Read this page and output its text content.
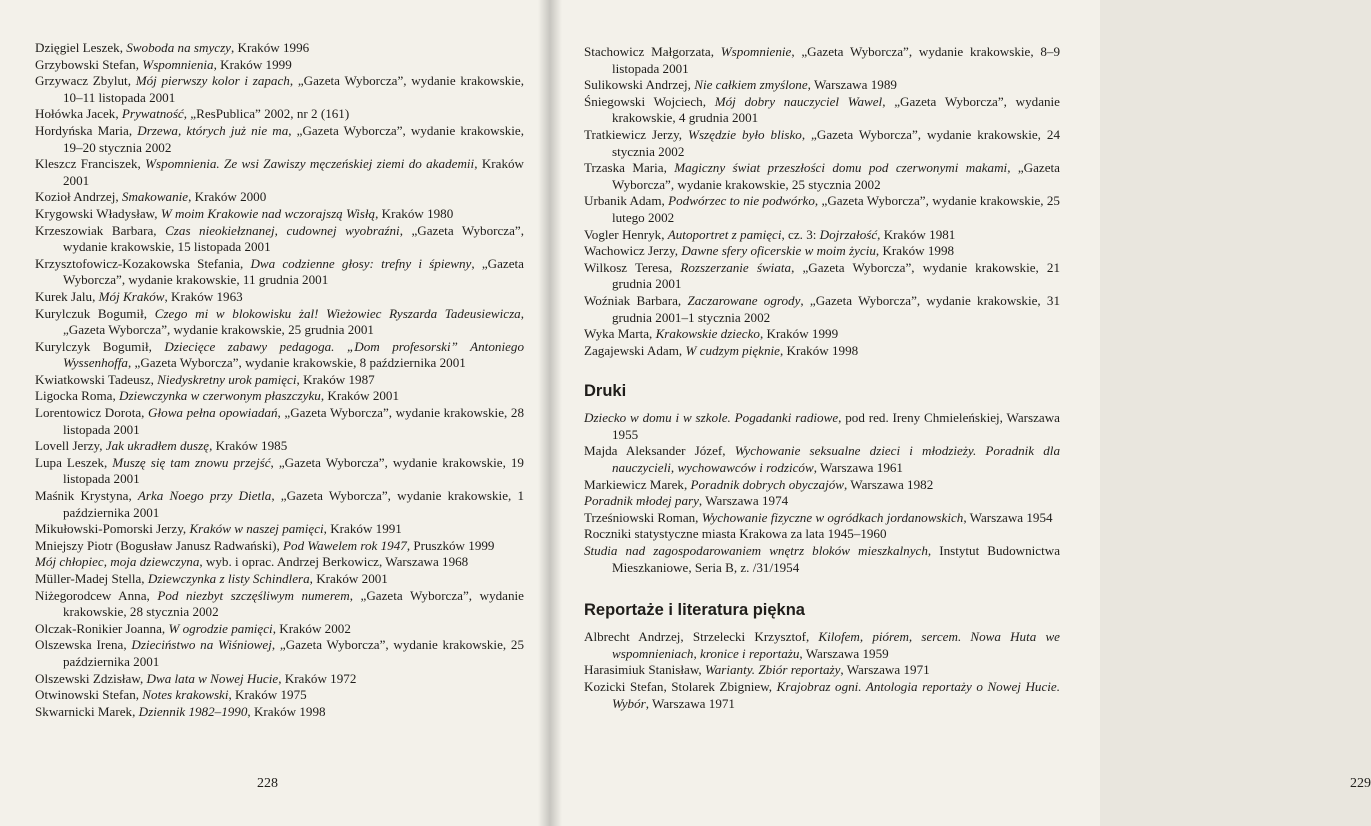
Dzięgiel Leszek, Swoboda na smyczy, Kraków 1996
Grzybowski Stefan, Wspomnienia, Kraków 1999
Grzywacz Zbylut, Mój pierwszy kolor i zapach, „Gazeta Wyborcza”, wydanie krakowskie, 10–11 listopada 2001
Hołówka Jacek, Prywatność, „ResPublica” 2002, nr 2 (161)
Hordyńska Maria, Drzewa, których już nie ma, „Gazeta Wyborcza”, wydanie krakowskie, 19–20 stycznia 2002
Kleszcz Franciszek, Wspomnienia. Ze wsi Zawiszy męczeńskiej ziemi do akademii, Kraków 2001
Kozioł Andrzej, Smakowanie, Kraków 2000
Krygowski Władysław, W moim Krakowie nad wczorajszą Wisłą, Kraków 1980
Krzeszowiak Barbara, Czas nieokiełznanej, cudownej wyobraźni, „Gazeta Wyborcza”, wydanie krakowskie, 15 listopada 2001
Krzysztofowicz-Kozakowska Stefania, Dwa codzienne głosy: trefny i śpiewny, „Gazeta Wyborcza”, wydanie krakowskie, 11 grudnia 2001
Kurek Jalu, Mój Kraków, Kraków 1963
Kurylczuk Bogumił, Czego mi w blokowisku żal! Wieżowiec Ryszarda Tadeusiewicza, „Gazeta Wyborcza”, wydanie krakowskie, 25 grudnia 2001
Kurylczyk Bogumił, Dziecięce zabawy pedagoga. „Dom profesorski” Antoniego Wyssenhoffa, „Gazeta Wyborcza”, wydanie krakowskie, 8 października 2001
Kwiatkowski Tadeusz, Niedyskretny urok pamięci, Kraków 1987
Ligocka Roma, Dziewczynka w czerwonym płaszczyku, Kraków 2001
Lorentowicz Dorota, Głowa pełna opowiadań, „Gazeta Wyborcza”, wydanie krakowskie, 28 listopada 2001
Lovell Jerzy, Jak ukradłem duszę, Kraków 1985
Lupa Leszek, Muszę się tam znowu przejść, „Gazeta Wyborcza”, wydanie krakowskie, 19 listopada 2001
Maśnik Krystyna, Arka Noego przy Dietla, „Gazeta Wyborcza”, wydanie krakowskie, 1 października 2001
Mikułowski-Pomorski Jerzy, Kraków w naszej pamięci, Kraków 1991
Mniejszy Piotr (Bogusław Janusz Radwański), Pod Wawelem rok 1947, Pruszków 1999
Mój chłopiec, moja dziewczyna, wyb. i oprac. Andrzej Berkowicz, Warszawa 1968
Müller-Madej Stella, Dziewczynka z listy Schindlera, Kraków 2001
Niżegorodcew Anna, Pod niezbyt szczęśliwym numerem, „Gazeta Wyborcza”, wydanie krakowskie, 28 stycznia 2002
Olczak-Ronikier Joanna, W ogrodzie pamięci, Kraków 2002
Olszewska Irena, Dzieciństwo na Wiśniowej, „Gazeta Wyborcza”, wydanie krakowskie, 25 października 2001
Olszewski Zdzisław, Dwa lata w Nowej Hucie, Kraków 1972
Otwinowski Stefan, Notes krakowski, Kraków 1975
Skwarnicki Marek, Dziennik 1982–1990, Kraków 1998
228
Stachowicz Małgorzata, Wspomnienie, „Gazeta Wyborcza”, wydanie krakowskie, 8–9 listopada 2001
Sulikowski Andrzej, Nie całkiem zmyślone, Warszawa 1989
Śniegowski Wojciech, Mój dobry nauczyciel Wawel, „Gazeta Wyborcza”, wydanie krakowskie, 4 grudnia 2001
Tratkiewicz Jerzy, Wszędzie było blisko, „Gazeta Wyborcza”, wydanie krakowskie, 24 stycznia 2002
Trzaska Maria, Magiczny świat przeszłości domu pod czerwonymi makami, „Gazeta Wyborcza”, wydanie krakowskie, 25 stycznia 2002
Urbanik Adam, Podwórzec to nie podwórko, „Gazeta Wyborcza”, wydanie krakowskie, 25 lutego 2002
Vogler Henryk, Autoportret z pamięci, cz. 3: Dojrzałość, Kraków 1981
Wachowicz Jerzy, Dawne sfery oficerskie w moim życiu, Kraków 1998
Wilkosz Teresa, Rozszerzanie świata, „Gazeta Wyborcza”, wydanie krakowskie, 21 grudnia 2001
Woźniak Barbara, Zaczarowane ogrody, „Gazeta Wyborcza”, wydanie krakowskie, 31 grudnia 2001–1 stycznia 2002
Wyka Marta, Krakowskie dziecko, Kraków 1999
Zagajewski Adam, W cudzym pięknie, Kraków 1998
Druki
Dziecko w domu i w szkole. Pogadanki radiowe, pod red. Ireny Chmieleńskiej, Warszawa 1955
Majda Aleksander Józef, Wychowanie seksualne dzieci i młodzieży. Poradnik dla nauczycieli, wychowawców i rodziców, Warszawa 1961
Markiewicz Marek, Poradnik dobrych obyczajów, Warszawa 1982
Poradnik młodej pary, Warszawa 1974
Trześniowski Roman, Wychowanie fizyczne w ogródkach jordanowskich, Warszawa 1954
Roczniki statystyczne miasta Krakowa za lata 1945–1960
Studia nad zagospodarowaniem wnętrz bloków mieszkalnych, Instytut Budownictwa Mieszkaniowe, Seria B, z. /31/1954
Reportaże i literatura piękna
Albrecht Andrzej, Strzelecki Krzysztof, Kilofem, piórem, sercem. Nowa Huta we wspomnieniach, kronice i reportażu, Warszawa 1959
Harasimiuk Stanisław, Warianty. Zbiór reportaży, Warszawa 1971
Kozicki Stefan, Stolarek Zbigniew, Krajobraz ogni. Antologia reportaży o Nowej Hucie. Wybór, Warszawa 1971
229
